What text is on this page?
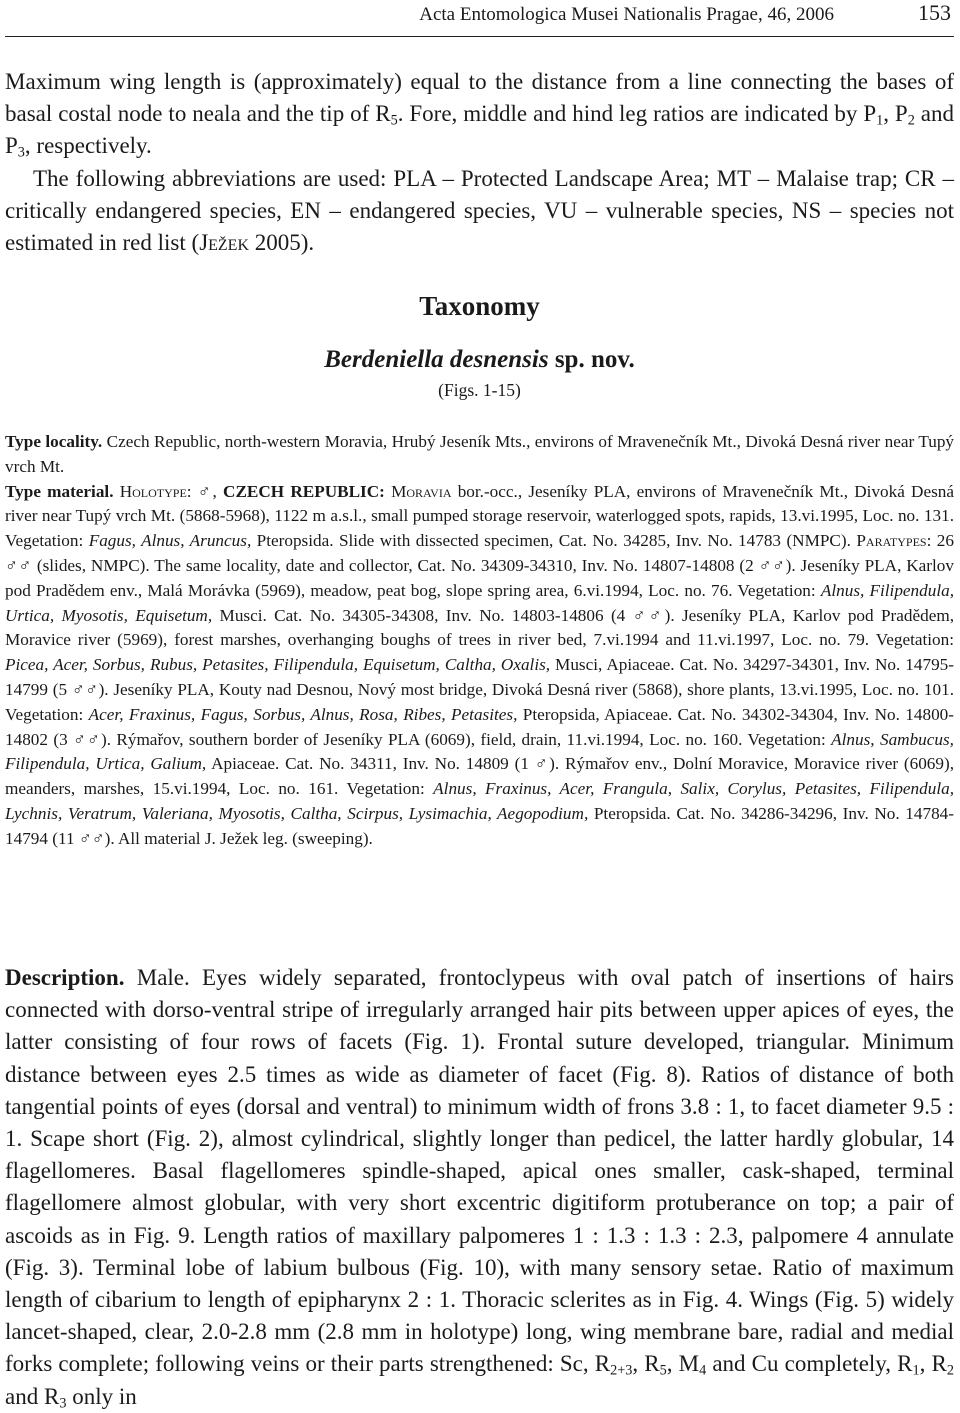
Acta Entomologica Musei Nationalis Pragae, 46, 2006	153
Maximum wing length is (approximately) equal to the distance from a line connecting the bases of basal costal node to neala and the tip of $R_5$. Fore, middle and hind leg ratios are indicated by $P_1$, $P_2$ and $P_3$, respectively.
The following abbreviations are used: PLA – Protected Landscape Area; MT – Malaise trap; CR – critically endangered species, EN – endangered species, VU – vulnerable species, NS – species not estimated in red list (Ježek 2005).
Taxonomy
Berdeniella desnensis sp. nov.
(Figs. 1-15)
Type locality. Czech Republic, north-western Moravia, Hrubý Jeseník Mts., environs of Mravenečník Mt., Divoká Desná river near Tupý vrch Mt.
Type material. Holotype: ♂, CZECH REPUBLIC: Moravia bor.-occ., Jeseníky PLA, environs of Mravenečník Mt., Divoká Desná river near Tupý vrch Mt. (5868-5968), 1122 m a.s.l., small pumped storage reservoir, waterlogged spots, rapids, 13.vi.1995, Loc. no. 131. Vegetation: Fagus, Alnus, Aruncus, Pteropsida. Slide with dissected specimen, Cat. No. 34285, Inv. No. 14783 (NMPC). Paratypes: 26 ♂♂ (slides, NMPC). The same locality, date and collector, Cat. No. 34309-34310, Inv. No. 14807-14808 (2 ♂♂). Jeseníky PLA, Karlov pod Pradědem env., Malá Morávka (5969), meadow, peat bog, slope spring area, 6.vi.1994, Loc. no. 76. Vegetation: Alnus, Filipendula, Urtica, Myosotis, Equisetum, Musci. Cat. No. 34305-34308, Inv. No. 14803-14806 (4 ♂♂). Jeseníky PLA, Karlov pod Pradědem, Moravice river (5969), forest marshes, overhanging boughs of trees in river bed, 7.vi.1994 and 11.vi.1997, Loc. no. 79. Vegetation: Picea, Acer, Sorbus, Rubus, Petasites, Filipendula, Equisetum, Caltha, Oxalis, Musci, Apiaceae. Cat. No. 34297-34301, Inv. No. 14795-14799 (5 ♂♂). Jeseníky PLA, Kouty nad Desnou, Nový most bridge, Divoká Desná river (5868), shore plants, 13.vi.1995, Loc. no. 101. Vegetation: Acer, Fraxinus, Fagus, Sorbus, Alnus, Rosa, Ribes, Petasites, Pteropsida, Apiaceae. Cat. No. 34302-34304, Inv. No. 14800-14802 (3 ♂♂). Rýmařov, southern border of Jeseníky PLA (6069), field, drain, 11.vi.1994, Loc. no. 160. Vegetation: Alnus, Sambucus, Filipendula, Urtica, Galium, Apiaceae. Cat. No. 34311, Inv. No. 14809 (1 ♂). Rýmařov env., Dolní Moravice, Moravice river (6069), meanders, marshes, 15.vi.1994, Loc. no. 161. Vegetation: Alnus, Fraxinus, Acer, Frangula, Salix, Corylus, Petasites, Filipendula, Lychnis, Veratrum, Valeriana, Myosotis, Caltha, Scirpus, Lysimachia, Aegopodium, Pteropsida. Cat. No. 34286-34296, Inv. No. 14784-14794 (11 ♂♂). All material J. Ježek leg. (sweeping).
Description. Male. Eyes widely separated, frontoclypeus with oval patch of insertions of hairs connected with dorso-ventral stripe of irregularly arranged hair pits between upper apices of eyes, the latter consisting of four rows of facets (Fig. 1). Frontal suture developed, triangular. Minimum distance between eyes 2.5 times as wide as diameter of facet (Fig. 8). Ratios of distance of both tangential points of eyes (dorsal and ventral) to minimum width of frons 3.8 : 1, to facet diameter 9.5 : 1. Scape short (Fig. 2), almost cylindrical, slightly longer than pedicel, the latter hardly globular, 14 flagellomeres. Basal flagellomeres spindle-shaped, apical ones smaller, cask-shaped, terminal flagellomere almost globular, with very short excentric digitiform protuberance on top; a pair of ascoids as in Fig. 9. Length ratios of maxillary palpomeres 1 : 1.3 : 1.3 : 2.3, palpomere 4 annulate (Fig. 3). Terminal lobe of labium bulbous (Fig. 10), with many sensory setae. Ratio of maximum length of cibarium to length of epipharynx 2 : 1. Thoracic sclerites as in Fig. 4. Wings (Fig. 5) widely lancet-shaped, clear, 2.0-2.8 mm (2.8 mm in holotype) long, wing membrane bare, radial and medial forks complete; following veins or their parts strengthened: Sc, $R_{2+3}$, $R_5$, $M_4$ and Cu completely, $R_1$, $R_2$ and $R_3$ only in
